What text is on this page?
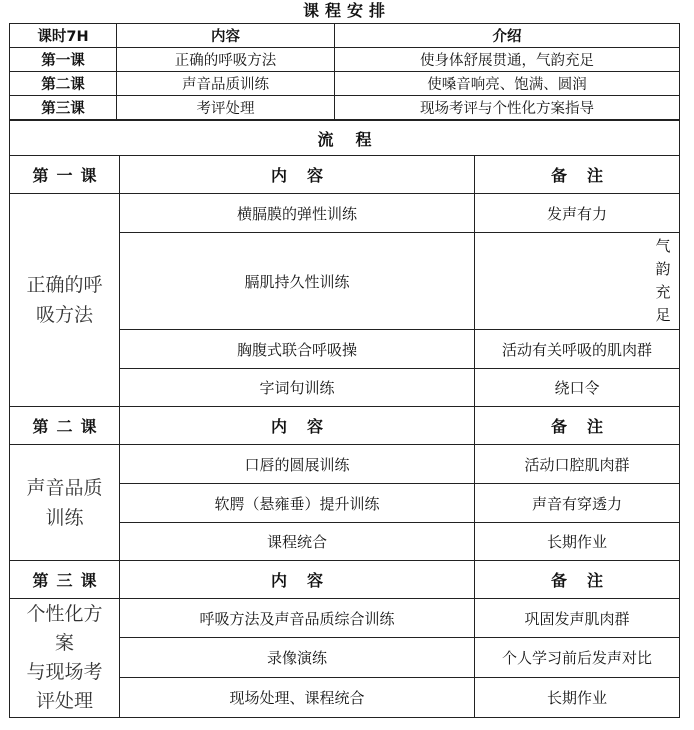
课程安排
课时7H	内容	介绍
第一课	正确的呼吸方法	使身体舒展贯通，气韵充足
第二课	声音品质训练	使嗓音响亮、饱满、圆润
第三课	考评处理	现场考评与个性化方案指导
流程		
第一课	内容	备注

正确的呼
吸方法	横膈膜的弹性训练	发声有力
	膈肌持久性训练	气韵充足
	胸腹式联合呼吸操	活动有关呼吸的肌肉群
	字词句训练	绕口令
第二课	内容	备注

声音品质
训练	口唇的圆展训练	活动口腔肌肉群
	软腭（悬雍垂）提升训练	声音有穿透力
	课程统合	长期作业
第三课	内容	备注

个性化方
案
与现场考
评处理	呼吸方法及声音品质综合训练	巩固发声肌肉群
	录像演练	个人学习前后发声对比
	现场处理、课程统合	长期作业
